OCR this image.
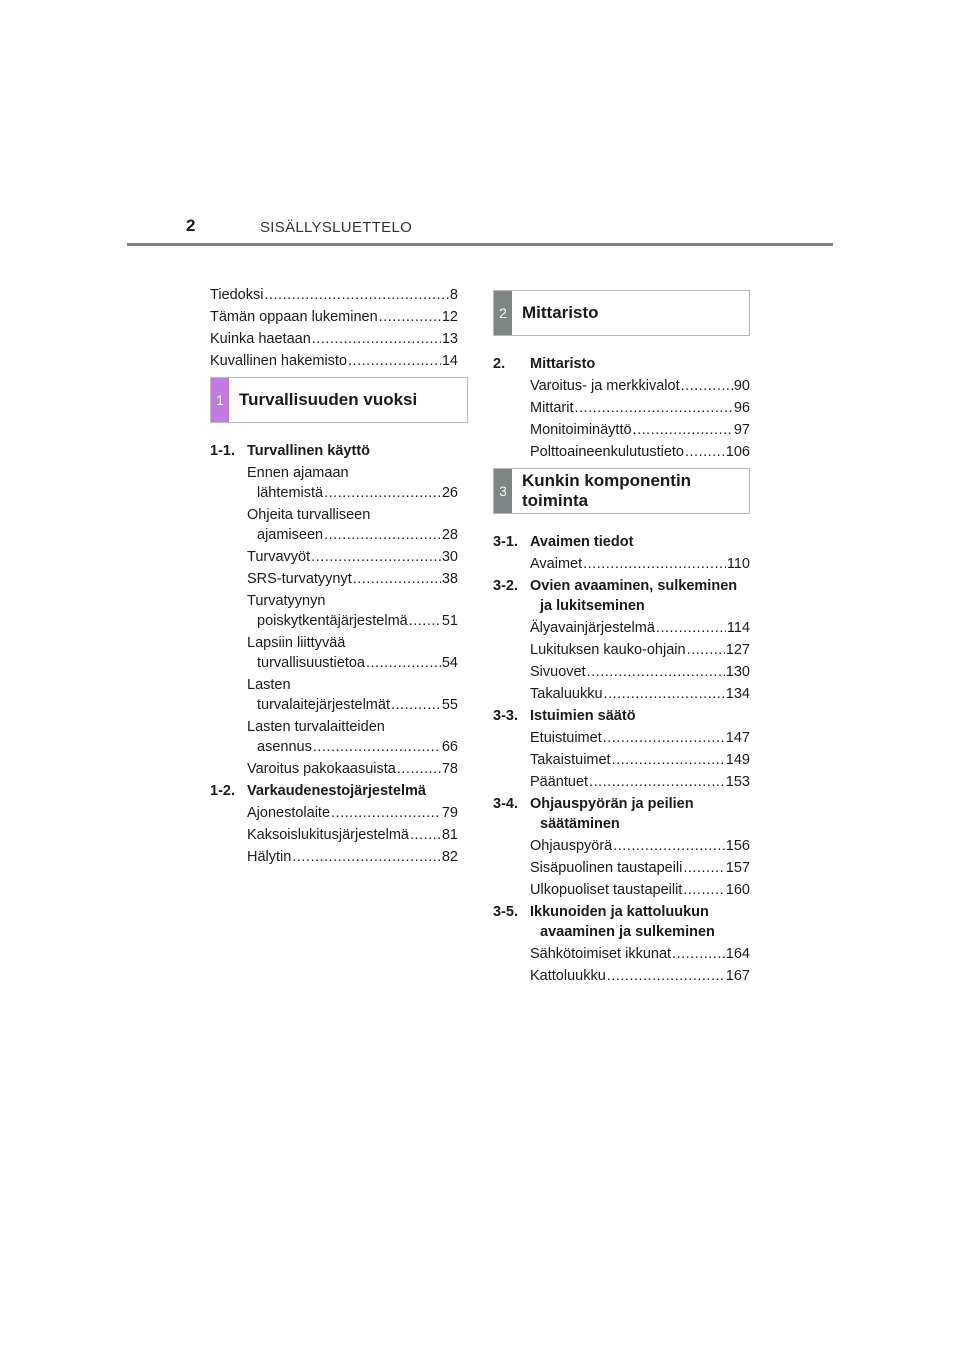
2	SISÄLLYSLUETTELO
Tiedoksi .....	8
Tämän oppaan lukeminen .....	12
Kuinka haetaan .....	13
Kuvallinen hakemisto .....	14
1 Turvallisuuden vuoksi
1-1. Turvallinen käyttö
Ennen ajamaan
lähtemistä .....	26
Ohjeita turvalliseen
ajamiseen .....	28
Turvavyöt .....	30
SRS-turvatyynyt .....	38
Turvatyynyn
poiskytkentäjärjestelmä ..... 51
Lapsiin liittyvää
turvallisuustietoa .....	54
Lasten
turvalaitejärjestelmät .....	55
Lasten turvalaitteiden
asennus .....	66
Varoitus pakokaasuista .....	78
1-2. Varkaudenestojärjestelmä
Ajonestolaite .....	79
Kaksoislukitusjärjestelmä ..... 81
Hälytin .....	82
2 Mittaristo
2.	Mittaristo
Varoitus- ja merkkivalot .....	90
Mittarit .....	96
Monitoiminäyttö .....	97
Polttoaineenkulutustieto .....	106
3
Kunkin komponentin
toiminta
3-1. Avaimen tiedot
Avaimet .....	110
3-2. Ovien avaaminen, sulkeminen
ja lukitseminen
Älyavainjärjestelmä .....	114
Lukituksen kauko-ohjain .....	127
Sivuovet .....	130
Takaluukku .....	134
3-3. Istuimien säätö
Etuistuimet .....	147
Takaistuimet .....	149
Pääntuet .....	153
3-4. Ohjauspyörän ja peilien
säätäminen
Ohjauspyörä .....	156
Sisäpuolinen taustapeili .....	157
Ulkopuoliset taustapeilit .....	160
3-5. Ikkunoiden ja kattoluukun
avaaminen ja sulkeminen
Sähkötoimiset ikkunat .....	164
Kattoluukku .....	167
